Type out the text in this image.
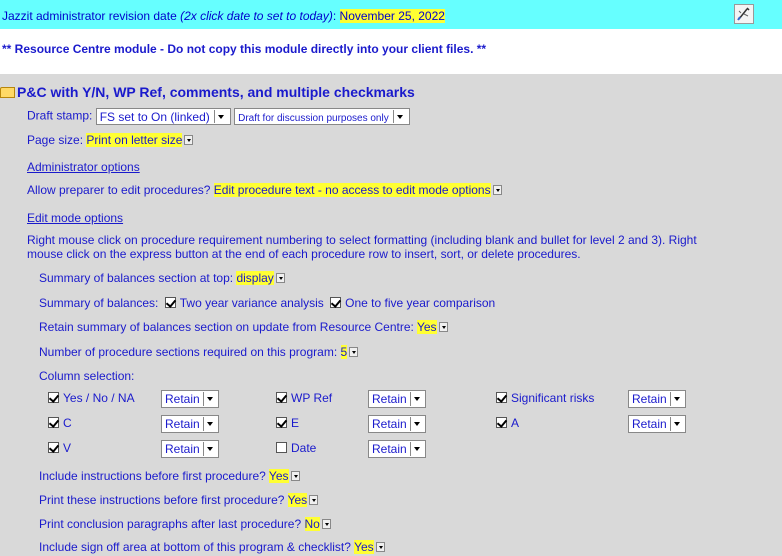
Jazzit administrator revision date (2x click date to set to today): November 25, 2022
** Resource Centre module - Do not copy this module directly into your client files. **
P&C with Y/N, WP Ref, comments, and multiple checkmarks
Draft stamp: FS set to On (linked)	Draft for discussion purposes only
Page size: Print on letter size
Administrator options
Allow preparer to edit procedures? Edit procedure text - no access to edit mode options
Edit mode options
Right mouse click on procedure requirement numbering to select formatting (including blank and bullet for level 2 and 3). Right
mouse click on the express button at the end of each procedure row to insert, sort, or delete procedures.
Summary of balances section at top: display
Summary of balances: Two year variance analysis One to five year comparison
Retain summary of balances section on update from Resource Centre: Yes
Number of procedure sections required on this program: 5
Column selection:
Yes / No / NA	Retain	WP Ref	Retain	Significant risks	Retain
C	Retain	E	Retain	A	Retain
V	Retain	Date	Retain
Include instructions before first procedure? Yes
Print these instructions before first procedure? Yes
Print conclusion paragraphs after last procedure? No
Include sign off area at bottom of this program & checklist? Yes
